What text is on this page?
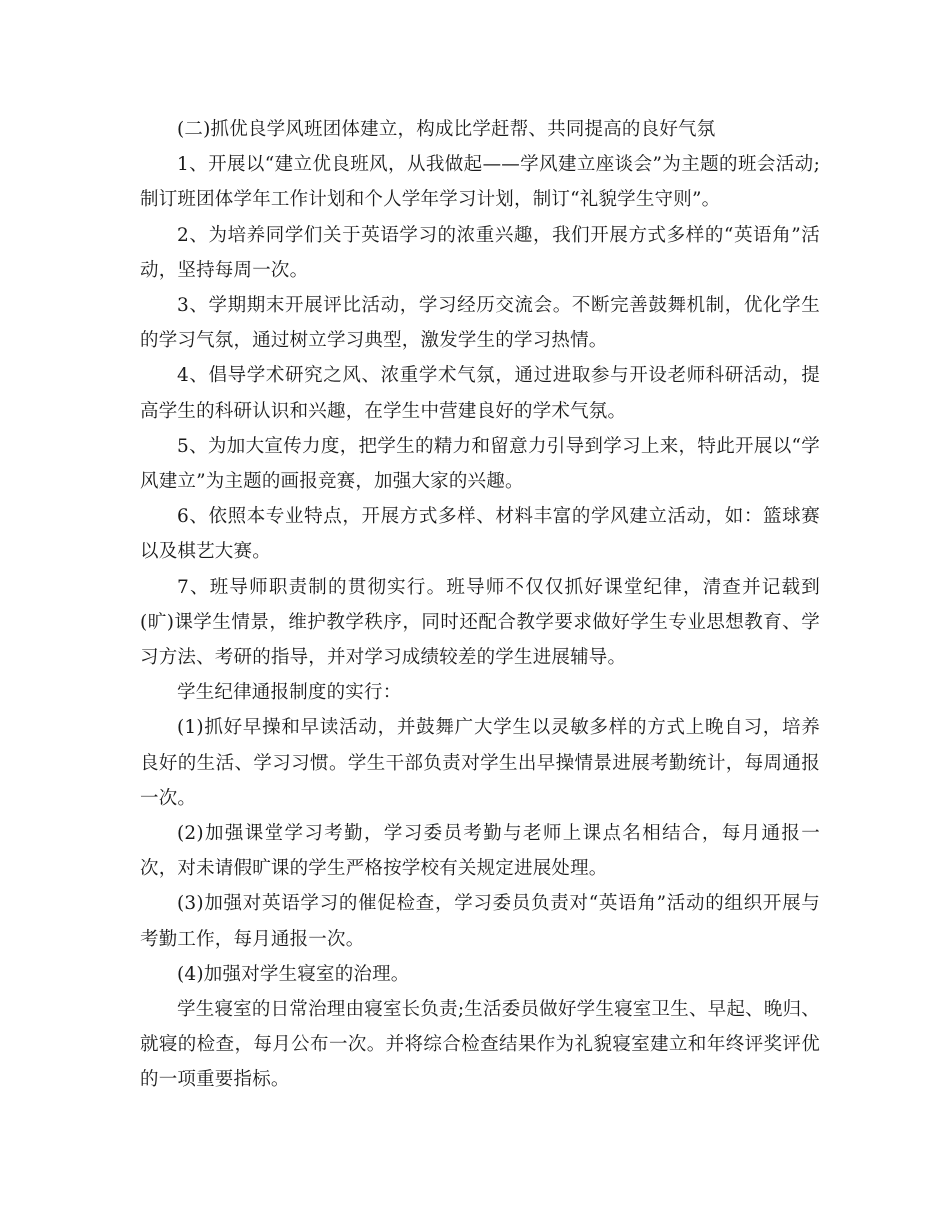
(二)抓优良学风班团体建立，构成比学赶帮、共同提高的良好气氛

1、开展以“建立优良班风，从我做起——学风建立座谈会”为主题的班会活动;制订班团体学年工作计划和个人学年学习计划，制订“礼貌学生守则”。

2、为培养同学们关于英语学习的浓重兴趣，我们开展方式多样的“英语角”活动，坚持每周一次。

3、学期期末开展评比活动，学习经历交流会。不断完善鼓舞机制，优化学生的学习气氛，通过树立学习典型，激发学生的学习热情。

4、倡导学术研究之风、浓重学术气氛，通过进取参与开设老师科研活动，提高学生的科研认识和兴趣，在学生中营建良好的学术气氛。

5、为加大宣传力度，把学生的精力和留意力引导到学习上来，特此开展以“学风建立”为主题的画报竞赛，加强大家的兴趣。

6、依照本专业特点，开展方式多样、材料丰富的学风建立活动，如：篮球赛以及棋艺大赛。

7、班导师职责制的贯彻实行。班导师不仅仅抓好课堂纪律，清查并记载到(旷)课学生情景，维护教学秩序，同时还配合教学要求做好学生专业思想教育、学习方法、考研的指导，并对学习成绩较差的学生进展辅导。

学生纪律通报制度的实行：

(1)抓好早操和早读活动，并鼓舞广大学生以灵敏多样的方式上晚自习，培养良好的生活、学习习惯。学生干部负责对学生出早操情景进展考勤统计，每周通报一次。

(2)加强课堂学习考勤，学习委员考勤与老师上课点名相结合，每月通报一次，对未请假旷课的学生严格按学校有关规定进展处理。

(3)加强对英语学习的催促检查，学习委员负责对“英语角”活动的组织开展与考勤工作，每月通报一次。

(4)加强对学生寝室的治理。

学生寝室的日常治理由寝室长负责;生活委员做好学生寝室卫生、早起、晚归、就寝的检查，每月公布一次。并将综合检查结果作为礼貌寝室建立和年终评奖评优的一项重要指标。
